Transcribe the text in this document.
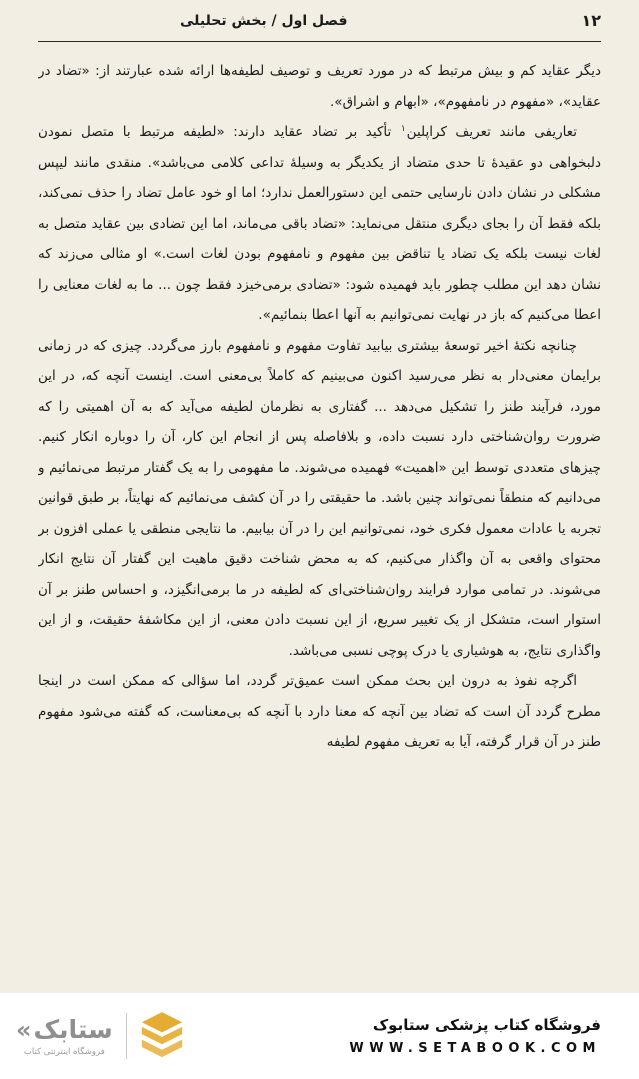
فصل اول / بخش تحلیلی	۱۲

دیگر عقاید کم و بیش مرتبط که در مورد تعریف و توصیف لطیفه‌ها ارائه شده عبارتند از: «تضاد در عقاید»، «مفهوم در نامفهوم»، «ابهام و اشراق».

تعاریفی مانند تعریف کراپلین$^۱$ تأکید بر تضاد عقاید دارند: «لطیفه مرتبط با متصل نمودن دلبخواهی دو عقیدهٔ تا حدی متضاد از یکدیگر به وسیلهٔ تداعی کلامی می‌باشد». منقدی مانند لیپس مشکلی در نشان دادن نارسایی حتمی این دستورالعمل ندارد؛ اما او خود عامل تضاد را حذف نمی‌کند، بلکه فقط آن را بجای دیگری منتقل می‌نماید: «تضاد باقی می‌ماند، اما این تضادی بین عقاید متصل به لغات نیست بلکه یک تضاد یا تناقض بین مفهوم و نامفهوم بودن لغات است.» او مثالی می‌زند که نشان دهد این مطلب چطور باید فهمیده شود: «تضادی برمی‌خیزد فقط چون ... ما به لغات معنایی را اعطا می‌کنیم که باز در نهایت نمی‌توانیم به آنها اعطا بنمائیم».

چنانچه نکتهٔ اخیر توسعهٔ بیشتری بیابید تفاوت مفهوم و نامفهوم بارز می‌گردد. چیزی که در زمانی برایمان معنی‌دار به نظر می‌رسید اکنون می‌بینیم که کاملاً بی‌معنی است. اینست آنچه که، در این مورد، فرآیند طنز را تشکیل می‌دهد ... گفتاری به نظرمان لطیفه می‌آید که به آن اهمیتی را که ضرورت روان‌شناختی دارد نسبت داده، و بلافاصله پس از انجام این کار، آن را دوباره انکار کنیم. چیزهای متعددی توسط این «اهمیت» فهمیده می‌شوند. ما مفهومی را به یک گفتار مرتبط می‌نمائیم و می‌دانیم که منطقاً نمی‌تواند چنین باشد. ما حقیقتی را در آن کشف می‌نمائیم که نهایتاً، بر طبق قوانین تجربه یا عادات معمول فکری خود، نمی‌توانیم این را در آن بیابیم. ما نتایجی منطقی یا عملی افزون بر محتوای واقعی به آن واگذار می‌کنیم، که به محض شناخت دقیق ماهیت این گفتار آن نتایج انکار می‌شوند. در تمامی موارد فرایند روان‌شناختی‌ای که لطیفه در ما برمی‌انگیزد، و احساس طنز بر آن استوار است، متشکل از یک تغییر سریع، از این نسبت دادن معنی، از این مکاشفهٔ حقیقت، و از این واگذاری نتایج، به هوشیاری یا درک پوچی نسبی می‌باشد.

اگرچه نفوذ به درون این بحث ممکن است عمیق‌تر گردد، اما سؤالی که ممکن است در اینجا مطرح گردد آن است که تضاد بین آنچه که معنا دارد با آنچه که بی‌معناست، که گفته می‌شود مفهوم طنز در آن قرار گرفته، آیا به تعریف مفهوم لطیفه

فروشگاه کتاب پزشکی ستابوک
WWW.SETABOOK.COM
ستابک
«
فروشگاه اینترنتی کتاب
